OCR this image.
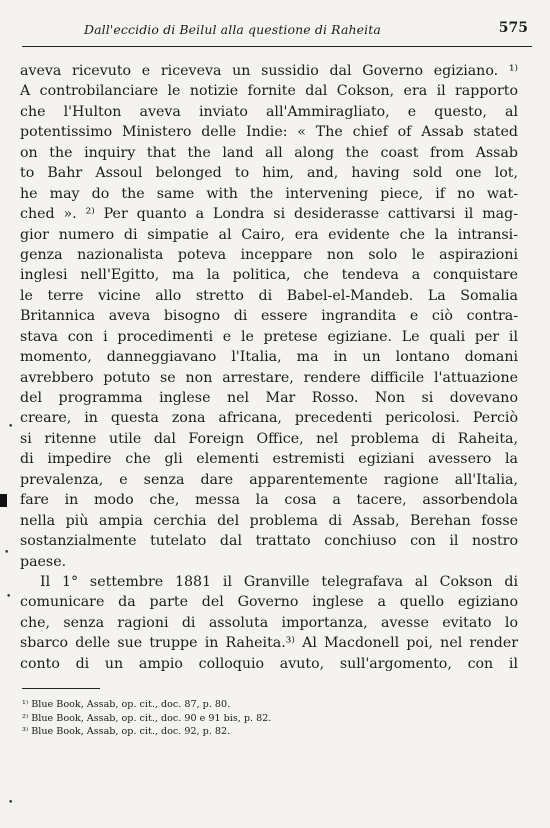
Dall'eccidio di Beilul alla questione di Raheita	575
aveva ricevuto e riceveva un sussidio dal Governo egiziano. ¹⁾
A controbilanciare le notizie fornite dal Cokson, era il rapporto
che l'Hulton aveva inviato all'Ammiragliato, e questo, al
potentissimo Ministero delle Indie: « The chief of Assab stated
on the inquiry that the land all along the coast from Assab
to Bahr Assoul belonged to him, and, having sold one lot,
he may do the same with the intervening piece, if no wat-
ched ». ²⁾ Per quanto a Londra si desiderasse cattivarsi il mag-
gior numero di simpatie al Cairo, era evidente che la intransi-
genza nazionalista poteva inceppare non solo le aspirazioni
inglesi nell'Egitto, ma la politica, che tendeva a conquistare
le terre vicine allo stretto di Babel-el-Mandeb. La Somalia
Britannica aveva bisogno di essere ingrandita e ciò contra-
stava con i procedimenti e le pretese egiziane. Le quali per il
momento, danneggiavano l'Italia, ma in un lontano domani
avrebbero potuto se non arrestare, rendere difficile l'attuazione
del programma inglese nel Mar Rosso. Non si dovevano
creare, in questa zona africana, precedenti pericolosi. Perciò
si ritenne utile dal Foreign Office, nel problema di Raheita,
di impedire che gli elementi estremisti egiziani avessero la
prevalenza, e senza dare apparentemente ragione all'Italia,
fare in modo che, messa la cosa a tacere, assorbendola
nella più ampia cerchia del problema di Assab, Berehan fosse
sostanzialmente tutelato dal trattato conchiuso con il nostro
paese.
Il 1° settembre 1881 il Granville telegrafava al Cokson di
comunicare da parte del Governo inglese a quello egiziano
che, senza ragioni di assoluta importanza, avesse evitato lo
sbarco delle sue truppe in Raheita.³⁾ Al Macdonell poi, nel render
conto di un ampio colloquio avuto, sull'argomento, con il
¹⁾ Blue Book, Assab, op. cit., doc. 87, p. 80.
²⁾ Blue Book, Assab, op. cit., doc. 90 e 91 bis, p. 82.
³⁾ Blue Book, Assab, op. cit., doc. 92, p. 82.
•
•
•
•
